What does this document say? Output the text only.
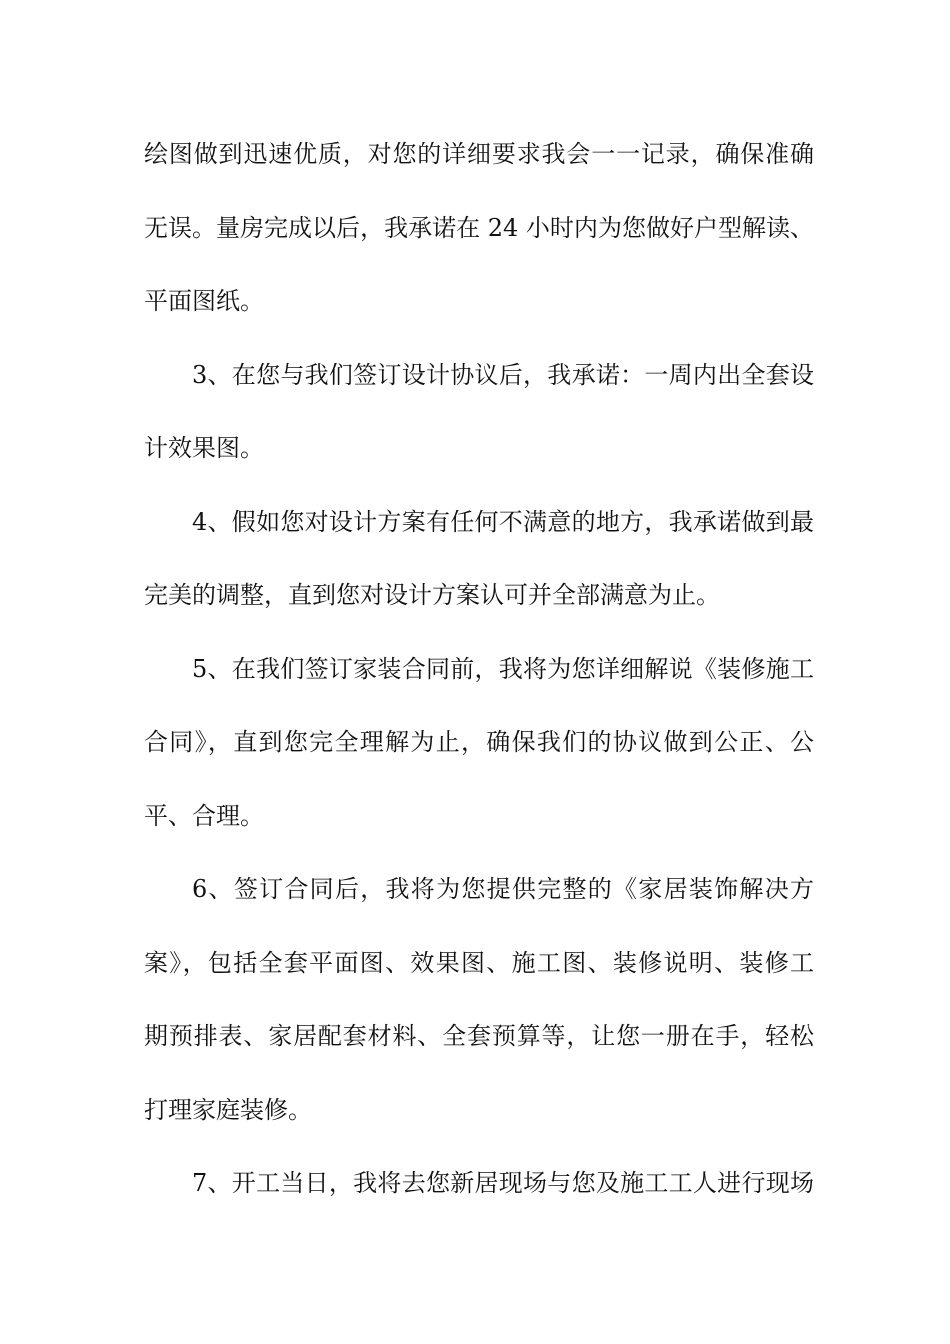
绘图做到迅速优质，对您的详细要求我会一一记录，确保准确
无误。量房完成以后，我承诺在 24 小时内为您做好户型解读、
平面图纸。
3、在您与我们签订设计协议后，我承诺：一周内出全套设
计效果图。
4、假如您对设计方案有任何不满意的地方，我承诺做到最
完美的调整，直到您对设计方案认可并全部满意为止。
5、在我们签订家装合同前，我将为您详细解说《装修施工
合同》，直到您完全理解为止，确保我们的协议做到公正、公
平、合理。
6、签订合同后，我将为您提供完整的《家居装饰解决方
案》，包括全套平面图、效果图、施工图、装修说明、装修工
期预排表、家居配套材料、全套预算等，让您一册在手，轻松
打理家庭装修。
7、开工当日，我将去您新居现场与您及施工工人进行现场
